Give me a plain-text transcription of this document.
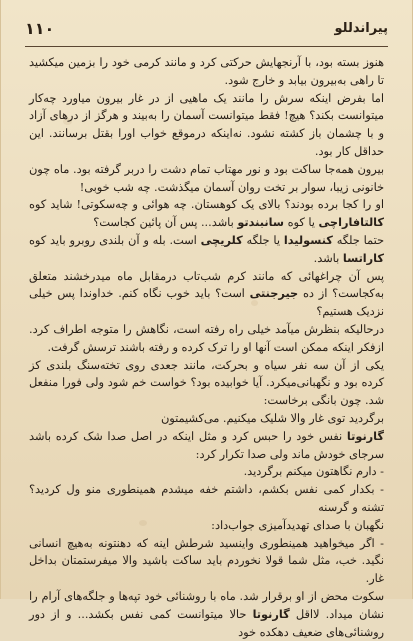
۱۱۰	پیراندللو

هنوز بسته بود، با آرنجهایش حرکتی کرد و مانند کرمی خود را بزمین میکشید تا راهی به‌بیرون بیابد و خارج شود.

اما بفرض اینکه سرش را مانند یک ماهیی از در غار بیرون میاورد چه‌کار میتوانست بکند؟ هیچ! فقط میتوانست آسمان را به‌بیند و هرگز از درهای آزاد و با چشمان باز کشته نشود. نه‌اینکه درموقع خواب اورا بقتل برسانند. این حداقل کار بود.

بیرون همه‌جا ساکت بود و نور مهتاب تمام دشت را دربر گرفته بود. ماه چون خانونی زیبا، سوار بر تخت روان آسمان میگذشت. چه شب خوبی!

او را کجا برده بودند؟ بالای یک کوهستان. چه هوائی و چه‌سکوتی! شاید کوه کالتافاراچی یا کوه سانبندتو باشد... پس آن پائین کجاست؟

حتما جلگه کنسولیدا یا جلگه کلریچی است. بله و آن بلندی روبرو باید کوه کاراتسا باشد.

پس آن چراغهائی که مانند کرم شب‌تاب درمقابل ماه میدرخشند متعلق به‌کجاست؟ از ده جیرجنتی است؟ باید خوب نگاه کنم. خداوندا پس خیلی نزدیک هستیم؟

درحالیکه بنظرش میآمد خیلی راه رفته است، نگاهش را متوجه اطراف کرد. ازفکر اینکه ممکن است آنها او را ترک کرده و رفته باشند ترسش گرفت.

یکی از آن سه نفر سیاه و بحرکت، مانند جعدی روی تخته‌سنگ بلندی کز کرده بود و نگهبانی‌میکرد. آیا خوابیده بود؟ خواست خم شود ولی فورا منفعل شد. چون بانگی برخاست:

برگردید توی غار والا شلیک میکنیم. می‌کشیمتون

گارنوتا نفس خود را حبس کرد و مثل اینکه در اصل صدا شک کرده باشد سرجای خودش ماند ولی صدا تکرار کرد:

- دارم نگاهتون میکنم برگردید.

- بکدار کمی نفس بکشم، داشتم خفه میشدم همینطوری منو ول کردید؟ تشنه و گرسنه

نگهبان با صدای تهدیدآمیزی جواب‌داد:

- اگر میخواهید همینطوری واینسید شرطش اینه که دهنتونه به‌هیچ انسانی نگید. خب، مثل شما قولا نخوردم باید ساکت باشید والا میفرستمتان بداخل غار.

سکوت محض از او برقرار شد. ماه با روشنائی خود تپه‌ها و جلگه‌های آرام را نشان میداد. لااقل گارنوتا حالا میتوانست کمی نفس بکشد... و از دور روشنائی‌های ضعیف دهکده خود
